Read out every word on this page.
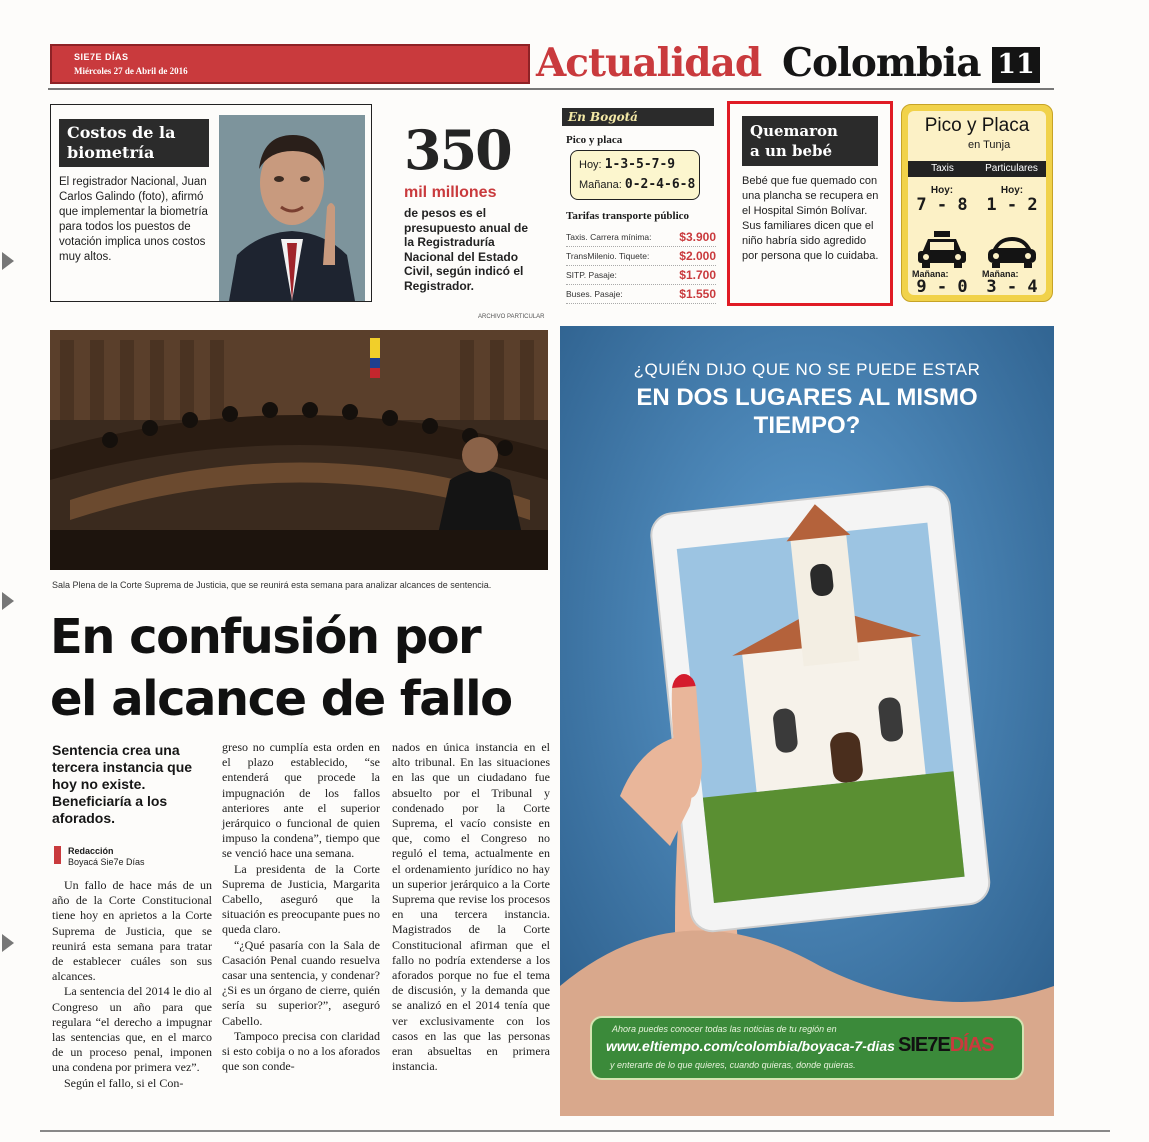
SIE7E DÍAS
Miércoles 27 de Abril de 2016	Actualidad Colombia 11
Costos de la
biometría
El registrador Nacional, Juan Carlos Galindo (foto), afirmó que implementar la biometría para todos los puestos de votación implica unos costos muy altos.
350
mil millones
de pesos es el presupuesto anual de la Registraduría Nacional del Estado Civil, según indicó el Registrador.
ARCHIVO PARTICULAR
En Bogotá
Pico y placa
Hoy: 1-3-5-7-9
Mañana: 0-2-4-6-8
Tarifas transporte público
Taxis. Carrera mínima: $3.900
TransMilenio. Tiquete: $2.000
SITP. Pasaje:	$1.700
Buses. Pasaje:	$1.550
Quemaron
a un bebé
Bebé que fue quemado con una plancha se recupera en el Hospital Simón Bolívar. Sus familiares dicen que el niño habría sido agredido por persona que lo cuidaba.
Pico y Placa
en Tunja
Taxis	Particulares
Hoy:
7 - 8
Mañana:
9 - 0
Hoy:
1 - 2
Mañana:
3 - 4
Sala Plena de la Corte Suprema de Justicia, que se reunirá esta semana para analizar alcances de sentencia.
En confusión por
el alcance de fallo
Sentencia crea una tercera instancia que hoy no existe. Beneficiaría a los aforados.
Redacción
Boyacá Sie7e Días

Un fallo de hace más de un año de la Corte Constitucional tiene hoy en aprietos a la Corte Suprema de Justicia, que se reunirá esta semana para tratar de establecer cuáles son sus alcances.

La sentencia del 2014 le dio al Congreso un año para que regulara “el derecho a impugnar las sentencias que, en el marco de un proceso penal, imponen una condena por primera vez”.

Según el fallo, si el Con-

greso no cumplía esta orden en el plazo establecido, “se entenderá que procede la impugnación de los fallos anteriores ante el superior jerárquico o funcional de quien impuso la condena”, tiempo que se venció hace una semana.

La presidenta de la Corte Suprema de Justicia, Margarita Cabello, aseguró que la situación es preocupante pues no queda claro.

“¿Qué pasaría con la Sala de Casación Penal cuando resuelva casar una sentencia, y condenar? ¿Si es un órgano de cierre, quién sería su superior?”, aseguró Cabello.

Tampoco precisa con claridad si esto cobija o no a los aforados que son conde-

nados en única instancia en el alto tribunal. En las situaciones en las que un ciudadano fue absuelto por el Tribunal y condenado por la Corte Suprema, el vacío consiste en que, como el Congreso no reguló el tema, actualmente en el ordenamiento jurídico no hay un superior jerárquico a la Corte Suprema que revise los procesos en una tercera instancia. Magistrados de la Corte Constitucional afirman que el fallo no podría extenderse a los aforados porque no fue el tema de discusión, y la demanda que se analizó en el 2014 tenía que ver exclusivamente con los casos en las que las personas eran absueltas en primera instancia.

¿QUIÉN DIJO QUE NO SE PUEDE ESTAR
EN DOS LUGARES AL MISMO TIEMPO?
Ahora puedes conocer todas las noticias de tu región en
www.eltiempo.com/colombia/boyaca-7-dias
y enterarte de lo que quieres, cuando quieras, donde quieras.
SIE7EDÍAS
